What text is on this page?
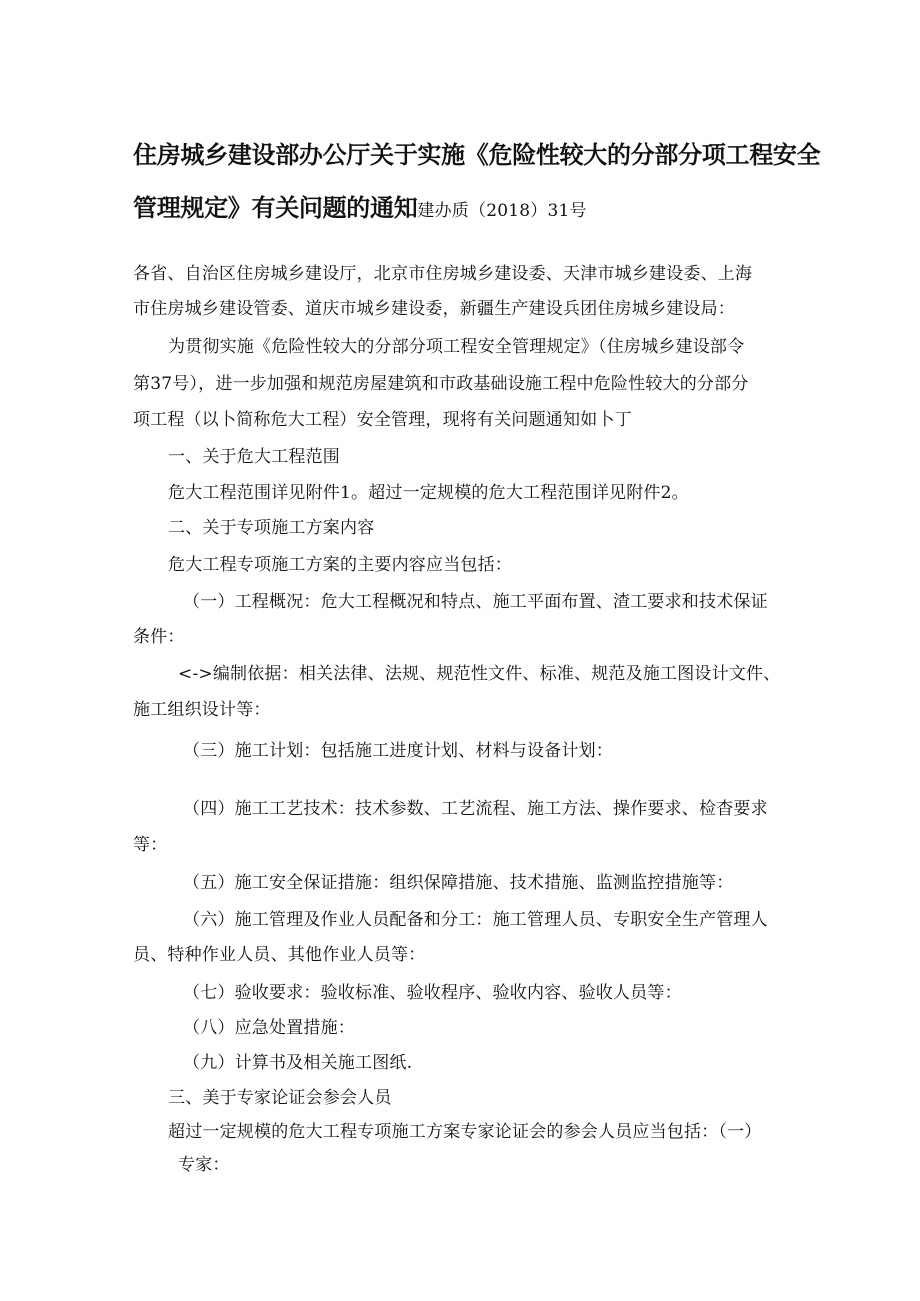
住房城乡建设部办公厅关于实施《危险性较大的分部分项工程安全
管理规定》有关问题的通知建办质（2018）31号
各省、自治区住房城乡建设厅，北京市住房城乡建设委、天津市城乡建设委、上海
市住房城乡建设管委、道庆市城乡建设委，新疆生产建设兵团住房城乡建设局：
为贯彻实施《危险性较大的分部分项工程安全管理规定》（住房城乡建设部令
第37号），进一步加强和规范房屋建筑和市政基础设施工程中危险性较大的分部分
项工程（以卜简称危大工程）安全管理，现将有关问题通知如卜丁
一、关于危大工程范围
危大工程范围详见附件1。超过一定规模的危大工程范围详见附件2。
二、关于专项施工方案内容
危大工程专项施工方案的主要内容应当包括：
（一）工程概况：危大工程概况和特点、施工平面布置、渣工要求和技术保证
条件：
<->编制依据：相关法律、法规、规范性文件、标准、规范及施工图设计文件、
施工组织设计等：
（三）施工计划：包括施工进度计划、材料与设备计划：
（四）施工工艺技术：技术参数、工艺流程、施工方法、操作要求、检杳要求
等：
（五）施工安全保证措施：组织保障措施、技术措施、监测监控措施等：
（六）施工管理及作业人员配备和分工：施工管理人员、专职安全生产管理人
员、特种作业人员、其他作业人员等：
（七）验收要求：验收标准、验收程序、验收内容、验收人员等：
（八）应急处置措施：
（九）计算书及相关施工图纸.
三、美于专家论证会参会人员
超过一定规模的危大工程专项施工方案专家论证会的参会人员应当包括：（一）
专家：
